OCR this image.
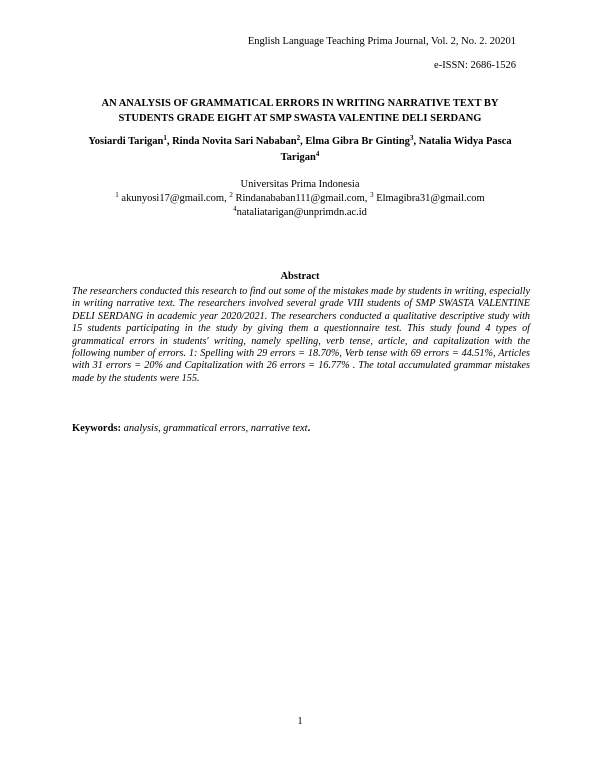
English Language Teaching Prima Journal, Vol. 2, No. 2. 20201
e-ISSN: 2686-1526
AN ANALYSIS OF GRAMMATICAL ERRORS IN WRITING NARRATIVE TEXT BY
STUDENTS GRADE EIGHT AT SMP SWASTA VALENTINE DELI SERDANG
Yosiardi Tarigan$^1$, Rinda Novita Sari Nababan$^2$, Elma Gibra Br Ginting$^3$, Natalia Widya Pasca Tarigan$^4$
Universitas Prima Indonesia
$^1$ akunyosi17@gmail.com, $^2$ Rindanababan111@gmail.com, $^3$ Elmagibra31@gmail.com
$^4$nataliatarigan@unprimdn.ac.id
Abstract
The researchers conducted this research to find out some of the mistakes made by students in writing, especially in writing narrative text. The researchers involved several grade VIII students of SMP SWASTA VALENTINE DELI SERDANG in academic year 2020/2021. The researchers conducted a qualitative descriptive study with 15 students participating in the study by giving them a questionnaire test. This study found 4 types of grammatical errors in students' writing, namely spelling, verb tense, article, and capitalization with the following number of errors. 1: Spelling with 29 errors = 18.70%, Verb tense with 69 errors = 44.51%, Articles with 31 errors = 20% and Capitalization with 26 errors = 16.77% . The total accumulated grammar mistakes made by the students were 155.
Keywords: analysis, grammatical errors, narrative text.
1
